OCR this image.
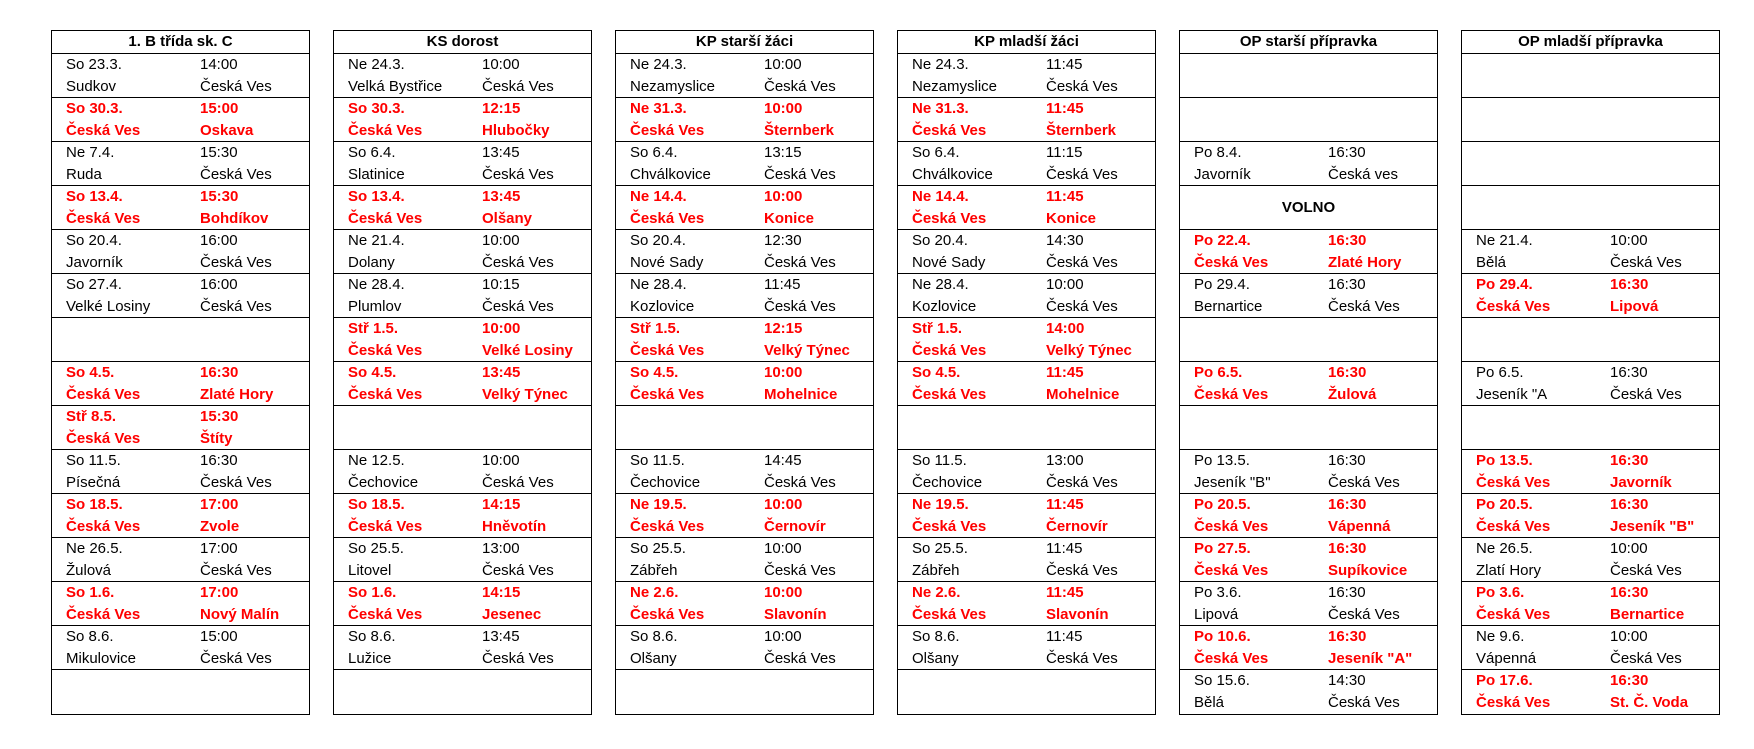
1. B třída sk. C
So 23.3.	14:00
Sudkov	Česká Ves
So 30.3.	15:00
Česká Ves	Oskava
Ne 7.4.	15:30
Ruda	Česká Ves
So 13.4.	15:30
Česká Ves	Bohdíkov
So 20.4.	16:00
Javorník	Česká Ves
So 27.4.	16:00
Velké Losiny	Česká Ves
So 4.5.	16:30
Česká Ves	Zlaté Hory
Stř 8.5.	15:30
Česká Ves	Štíty
So 11.5.	16:30
Písečná	Česká Ves
So 18.5.	17:00
Česká Ves	Zvole
Ne 26.5.	17:00
Žulová	Česká Ves
So 1.6.	17:00
Česká Ves	Nový Malín
So 8.6.	15:00
Mikulovice	Česká Ves
KS dorost
Ne 24.3.	10:00
Velká Bystřice	Česká Ves
So 30.3.	12:15
Česká Ves	Hlubočky
So 6.4.	13:45
Slatinice	Česká Ves
So 13.4.	13:45
Česká Ves	Olšany
Ne 21.4.	10:00
Dolany	Česká Ves
Ne 28.4.	10:15
Plumlov	Česká Ves
Stř 1.5.	10:00
Česká Ves	Velké Losiny
So 4.5.	13:45
Česká Ves	Velký Týnec
Ne 12.5.	10:00
Čechovice	Česká Ves
So 18.5.	14:15
Česká Ves	Hněvotín
So 25.5.	13:00
Litovel	Česká Ves
So 1.6.	14:15
Česká Ves	Jesenec
So 8.6.	13:45
Lužice	Česká Ves
KP starší žáci
Ne 24.3.	10:00
Nezamyslice	Česká Ves
Ne 31.3.	10:00
Česká Ves	Šternberk
So 6.4.	13:15
Chválkovice	Česká Ves
Ne 14.4.	10:00
Česká Ves	Konice
So 20.4.	12:30
Nové Sady	Česká Ves
Ne 28.4.	11:45
Kozlovice	Česká Ves
Stř 1.5.	12:15
Česká Ves	Velký Týnec
So 4.5.	10:00
Česká Ves	Mohelnice
So 11.5.	14:45
Čechovice	Česká Ves
Ne 19.5.	10:00
Česká Ves	Černovír
So 25.5.	10:00
Zábřeh	Česká Ves
Ne 2.6.	10:00
Česká Ves	Slavonín
So 8.6.	10:00
Olšany	Česká Ves
KP mladší žáci
Ne 24.3.	11:45
Nezamyslice	Česká Ves
Ne 31.3.	11:45
Česká Ves	Šternberk
So 6.4.	11:15
Chválkovice	Česká Ves
Ne 14.4.	11:45
Česká Ves	Konice
So 20.4.	14:30
Nové Sady	Česká Ves
Ne 28.4.	10:00
Kozlovice	Česká Ves
Stř 1.5.	14:00
Česká Ves	Velký Týnec
So 4.5.	11:45
Česká Ves	Mohelnice
So 11.5.	13:00
Čechovice	Česká Ves
Ne 19.5.	11:45
Česká Ves	Černovír
So 25.5.	11:45
Zábřeh	Česká Ves
Ne 2.6.	11:45
Česká Ves	Slavonín
So 8.6.	11:45
Olšany	Česká Ves
OP starší přípravka
Po 8.4.	16:30
Javorník	Česká ves
VOLNO
Po 22.4.	16:30
Česká Ves	Zlaté Hory
Po 29.4.	16:30
Bernartice	Česká Ves
Po 6.5.	16:30
Česká Ves	Žulová
Po 13.5.	16:30
Jeseník "B"	Česká Ves
Po 20.5.	16:30
Česká Ves	Vápenná
Po 27.5.	16:30
Česká Ves	Supíkovice
Po 3.6.	16:30
Lipová	Česká Ves
Po 10.6.	16:30
Česká Ves	Jeseník "A"
So 15.6.	14:30
Bělá	Česká Ves
OP mladší přípravka
Ne 21.4.	10:00
Bělá	Česká Ves
Po 29.4.	16:30
Česká Ves	Lipová
Po 6.5.	16:30
Jeseník "A	Česká Ves
Po 13.5.	16:30
Česká Ves	Javorník
Po 20.5.	16:30
Česká Ves	Jeseník "B"
Ne 26.5.	10:00
Zlatí Hory	Česká Ves
Po 3.6.	16:30
Česká Ves	Bernartice
Ne 9.6.	10:00
Vápenná	Česká Ves
Po 17.6.	16:30
Česká Ves	St. Č. Voda
